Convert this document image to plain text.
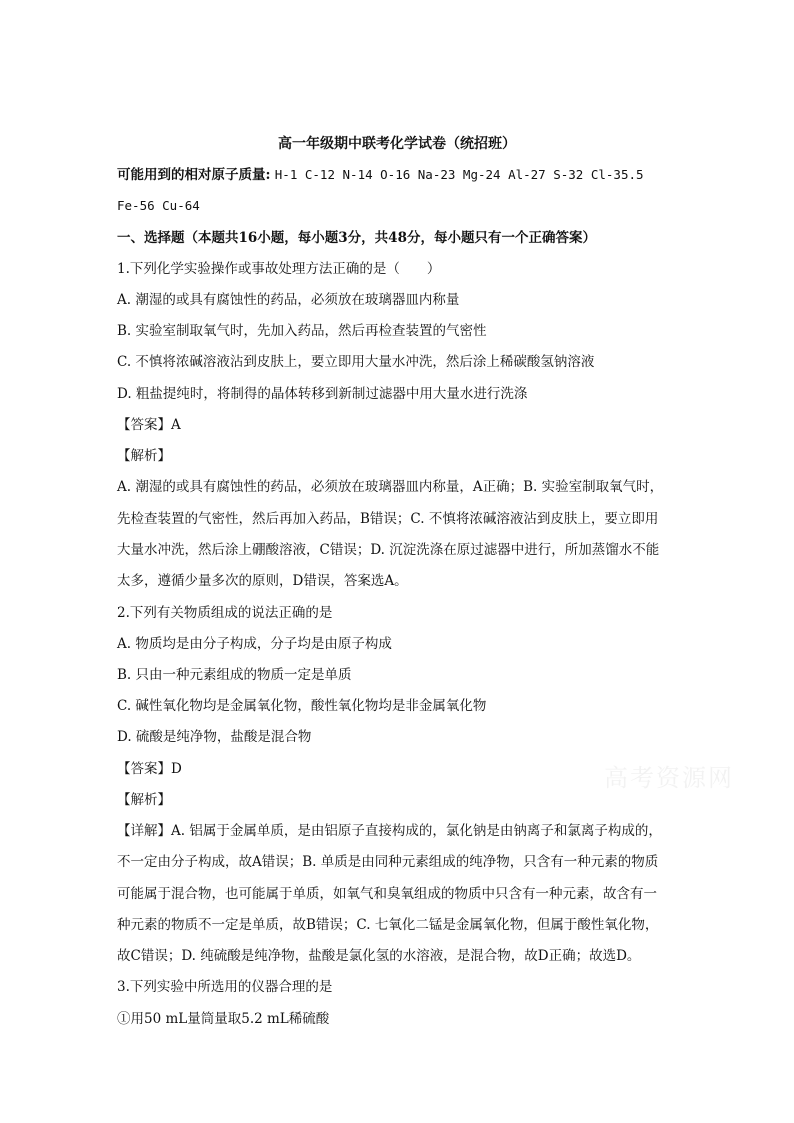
高一年级期中联考化学试卷（统招班）
可能用到的相对原子质量: H-1 C-12 N-14 O-16 Na-23 Mg-24 Al-27 S-32 Cl-35.5
Fe-56 Cu-64
一、选择题（本题共16小题，每小题3分，共48分，每小题只有一个正确答案）
1.下列化学实验操作或事故处理方法正确的是（　　）
A. 潮湿的或具有腐蚀性的药品，必须放在玻璃器皿内称量
B. 实验室制取氧气时，先加入药品，然后再检查装置的气密性
C. 不慎将浓碱溶液沾到皮肤上，要立即用大量水冲洗，然后涂上稀碳酸氢钠溶液
D. 粗盐提纯时，将制得的晶体转移到新制过滤器中用大量水进行洗涤
【答案】A
【解析】
A. 潮湿的或具有腐蚀性的药品，必须放在玻璃器皿内称量，A正确；B. 实验室制取氧气时，
先检查装置的气密性，然后再加入药品，B错误；C. 不慎将浓碱溶液沾到皮肤上，要立即用
大量水冲洗，然后涂上硼酸溶液，C错误；D. 沉淀洗涤在原过滤器中进行，所加蒸馏水不能
太多，遵循少量多次的原则，D错误，答案选A。
2.下列有关物质组成的说法正确的是
A. 物质均是由分子构成，分子均是由原子构成
B. 只由一种元素组成的物质一定是单质
C. 碱性氧化物均是金属氧化物，酸性氧化物均是非金属氧化物
D. 硫酸是纯净物，盐酸是混合物
【答案】D
【解析】
【详解】A. 铝属于金属单质，是由铝原子直接构成的，氯化钠是由钠离子和氯离子构成的，
不一定由分子构成，故A错误；B. 单质是由同种元素组成的纯净物，只含有一种元素的物质
可能属于混合物，也可能属于单质，如氧气和臭氧组成的物质中只含有一种元素，故含有一
种元素的物质不一定是单质，故B错误；C. 七氧化二锰是金属氧化物，但属于酸性氧化物，
故C错误；D. 纯硫酸是纯净物，盐酸是氯化氢的水溶液，是混合物，故D正确；故选D。
3.下列实验中所选用的仪器合理的是
①用50 mL量筒量取5.2 mL稀硫酸
高考资源网
